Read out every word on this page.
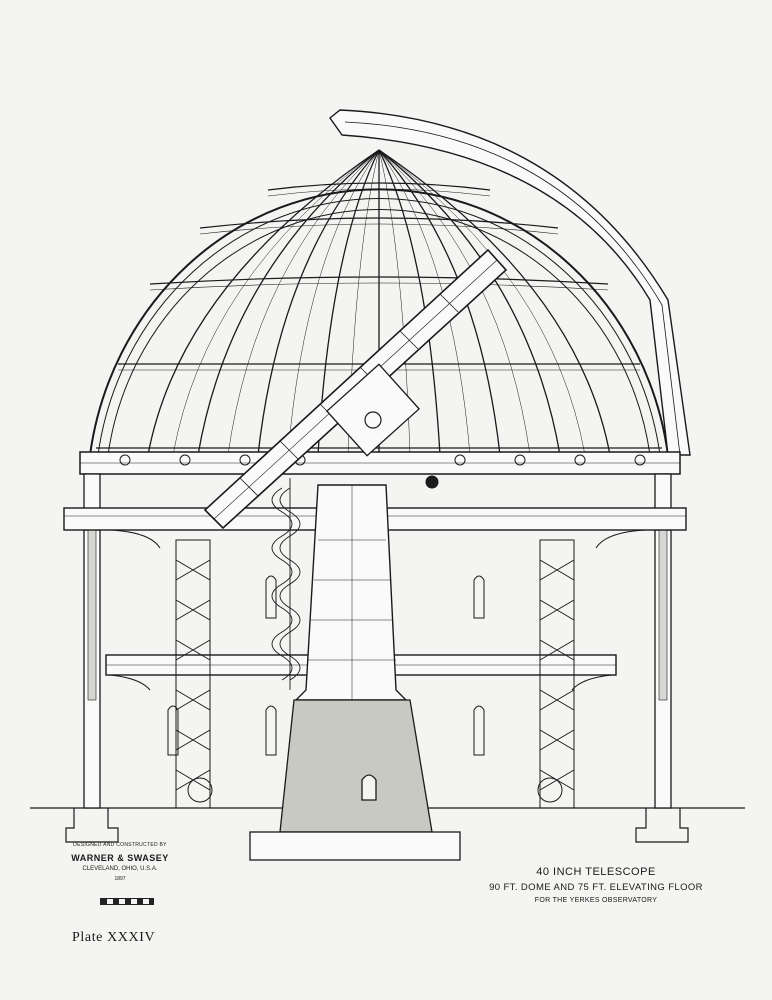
DESIGNED AND CONSTRUCTED BY
WARNER & SWASEY
CLEVELAND, OHIO, U.S.A.
1897
40 INCH TELESCOPE
90 FT. DOME AND 75 FT. ELEVATING FLOOR
FOR THE YERKES OBSERVATORY
Plate XXXIV
